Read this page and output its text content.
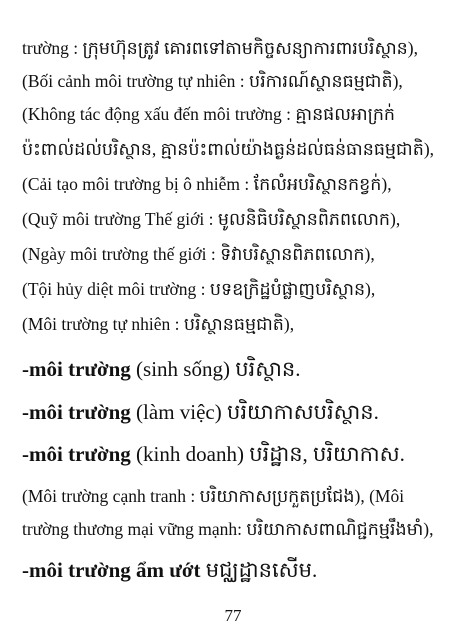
trường : ក្រុមហ៊ុនត្រូវ គោរពទៅតាមកិច្ចសន្យាការពារបរិស្ថាន),
(Bối cảnh môi trường tự nhiên : បរិការណ៍ស្ថានធម្មជាតិ),
(Không tác động xấu đến môi trường : គ្មានផលអាក្រក់
ប៉ះពាល់ដល់បរិស្ថាន, គ្មានប៉ះពាល់យ៉ាងធ្ងន់ដល់ធន់ធានធម្មជាតិ),
(Cải tạo môi trường bị ô nhiễm : កែលំអបរិស្ថានកខ្វក់),
(Quỹ môi trường Thế giới : មូលនិធិបរិស្ថានពិភពលោក),
(Ngày môi trường thế giới : ទិវាបរិស្ថានពិភពលោក),
(Tội hủy diệt môi trường : បទឧក្រិដ្ឋបំផ្លាញបរិស្ថាន),
(Môi trường tự nhiên : បរិស្ថានធម្មជាតិ),
-môi trường (sinh sống) បរិស្ថាន.
-môi trường (làm việc) បរិយាកាសបរិស្ថាន.
-môi trường (kinh doanh) បរិដ្ឋាន, បរិយាកាស.
(Môi trường cạnh tranh : បរិយាកាសប្រកួតប្រជែង), (Môi
trường thương mại vững mạnh: បរិយាកាសពាណិជ្ជកម្មរឹងមាំ),
-môi trường ẩm ướt មជ្ឈដ្ឋានសើម.
77
